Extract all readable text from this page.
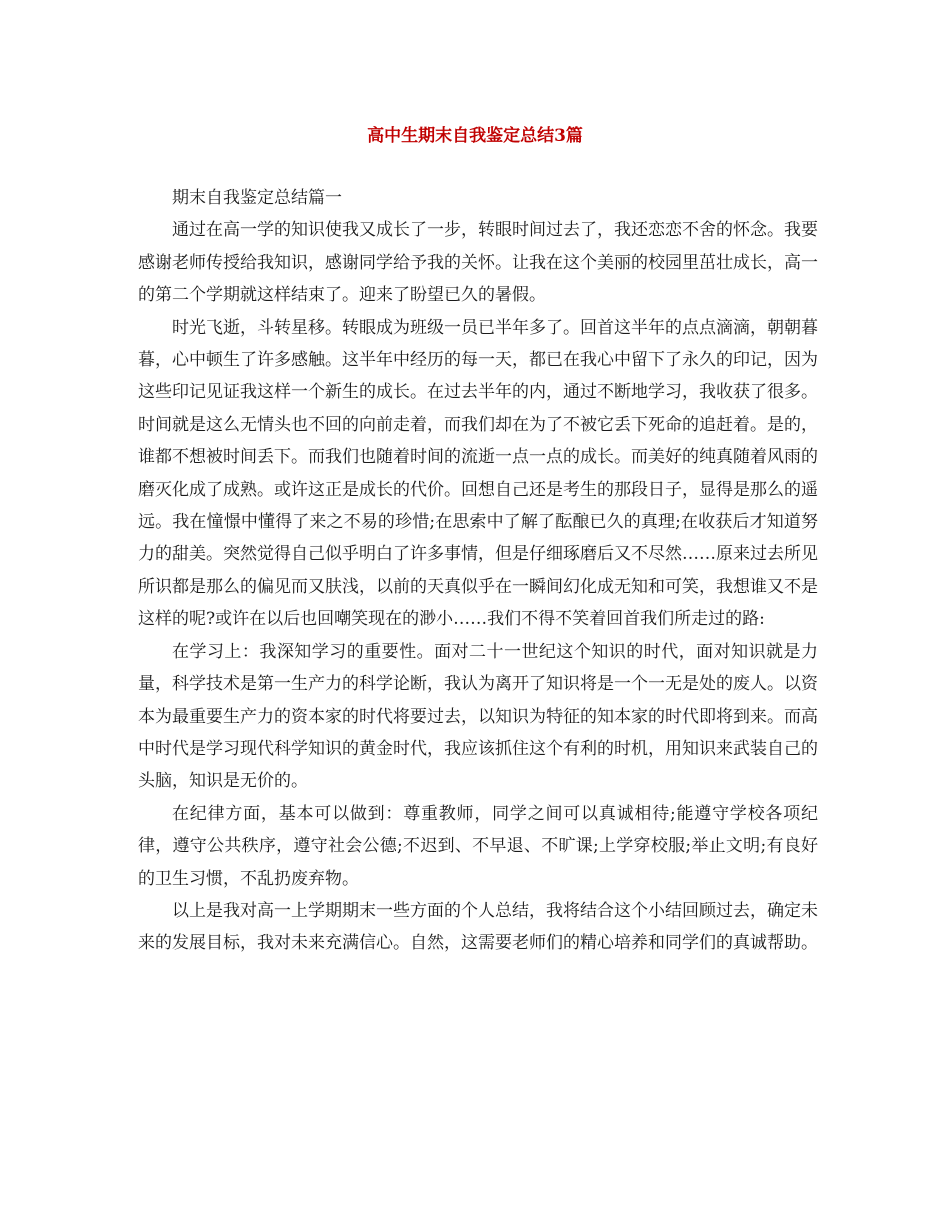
高中生期末自我鉴定总结3篇

期末自我鉴定总结篇一

通过在高一学的知识使我又成长了一步，转眼时间过去了，我还恋恋不舍的怀念。我要感谢老师传授给我知识，感谢同学给予我的关怀。让我在这个美丽的校园里茁壮成长，高一的第二个学期就这样结束了。迎来了盼望已久的暑假。

时光飞逝，斗转星移。转眼成为班级一员已半年多了。回首这半年的点点滴滴，朝朝暮暮，心中顿生了许多感触。这半年中经历的每一天，都已在我心中留下了永久的印记，因为这些印记见证我这样一个新生的成长。在过去半年的内，通过不断地学习，我收获了很多。时间就是这么无情头也不回的向前走着，而我们却在为了不被它丢下死命的追赶着。是的，谁都不想被时间丢下。而我们也随着时间的流逝一点一点的成长。而美好的纯真随着风雨的磨灭化成了成熟。或许这正是成长的代价。回想自己还是考生的那段日子，显得是那么的遥远。我在憧憬中懂得了来之不易的珍惜;在思索中了解了酝酿已久的真理;在收获后才知道努力的甜美。突然觉得自己似乎明白了许多事情，但是仔细琢磨后又不尽然……原来过去所见所识都是那么的偏见而又肤浅，以前的天真似乎在一瞬间幻化成无知和可笑，我想谁又不是这样的呢?或许在以后也回嘲笑现在的渺小……我们不得不笑着回首我们所走过的路:

在学习上：我深知学习的重要性。面对二十一世纪这个知识的时代，面对知识就是力量，科学技术是第一生产力的科学论断，我认为离开了知识将是一个一无是处的废人。以资本为最重要生产力的资本家的时代将要过去，以知识为特征的知本家的时代即将到来。而高中时代是学习现代科学知识的黄金时代，我应该抓住这个有利的时机，用知识来武装自己的头脑，知识是无价的。

在纪律方面，基本可以做到：尊重教师，同学之间可以真诚相待;能遵守学校各项纪律，遵守公共秩序，遵守社会公德;不迟到、不早退、不旷课;上学穿校服;举止文明;有良好的卫生习惯，不乱扔废弃物。

以上是我对高一上学期期末一些方面的个人总结，我将结合这个小结回顾过去，确定未来的发展目标，我对未来充满信心。自然，这需要老师们的精心培养和同学们的真诚帮助。
